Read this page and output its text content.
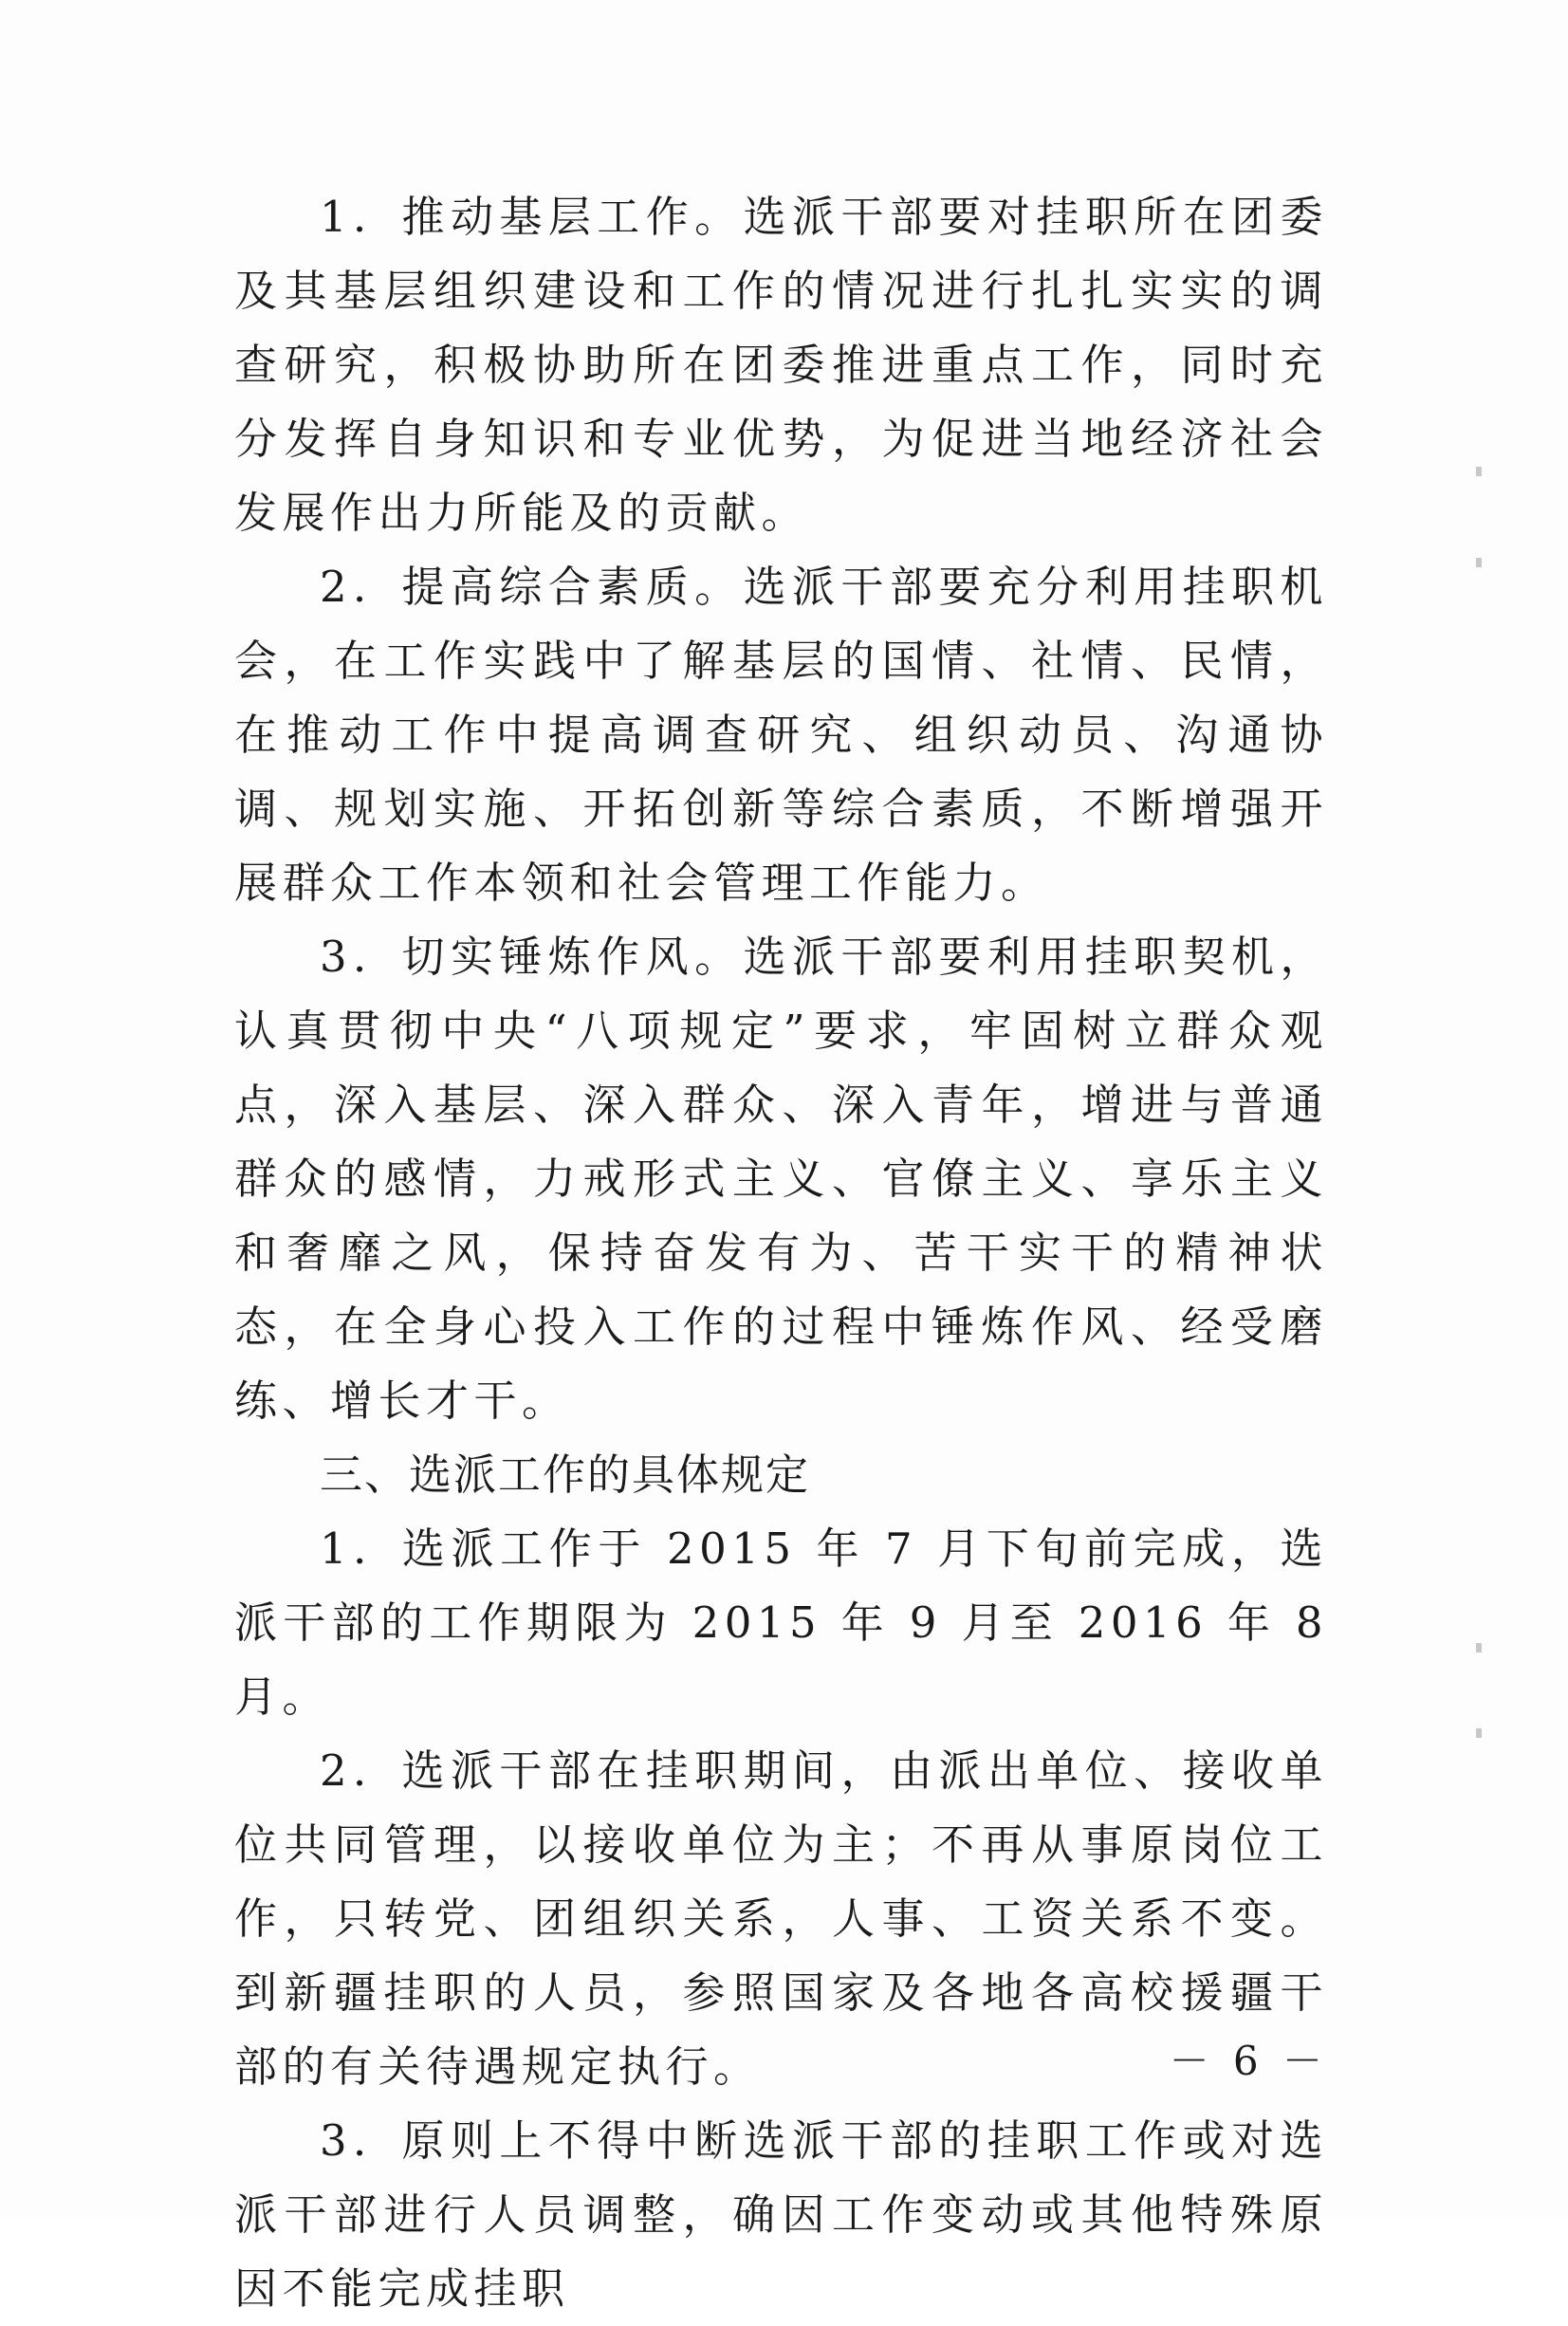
1．推动基层工作。选派干部要对挂职所在团委及其基层组织建设和工作的情况进行扎扎实实的调查研究，积极协助所在团委推进重点工作，同时充分发挥自身知识和专业优势，为促进当地经济社会发展作出力所能及的贡献。

2．提高综合素质。选派干部要充分利用挂职机会，在工作实践中了解基层的国情、社情、民情，在推动工作中提高调查研究、组织动员、沟通协调、规划实施、开拓创新等综合素质，不断增强开展群众工作本领和社会管理工作能力。

3．切实锤炼作风。选派干部要利用挂职契机，认真贯彻中央“八项规定”要求，牢固树立群众观点，深入基层、深入群众、深入青年，增进与普通群众的感情，力戒形式主义、官僚主义、享乐主义和奢靡之风，保持奋发有为、苦干实干的精神状态，在全身心投入工作的过程中锤炼作风、经受磨练、增长才干。

三、选派工作的具体规定

1．选派工作于 2015 年 7 月下旬前完成，选派干部的工作期限为 2015 年 9 月至 2016 年 8 月。

2．选派干部在挂职期间，由派出单位、接收单位共同管理，以接收单位为主；不再从事原岗位工作，只转党、团组织关系，人事、工资关系不变。到新疆挂职的人员，参照国家及各地各高校援疆干部的有关待遇规定执行。

3．原则上不得中断选派干部的挂职工作或对选派干部进行人员调整，确因工作变动或其他特殊原因不能完成挂职

－ 6 －
